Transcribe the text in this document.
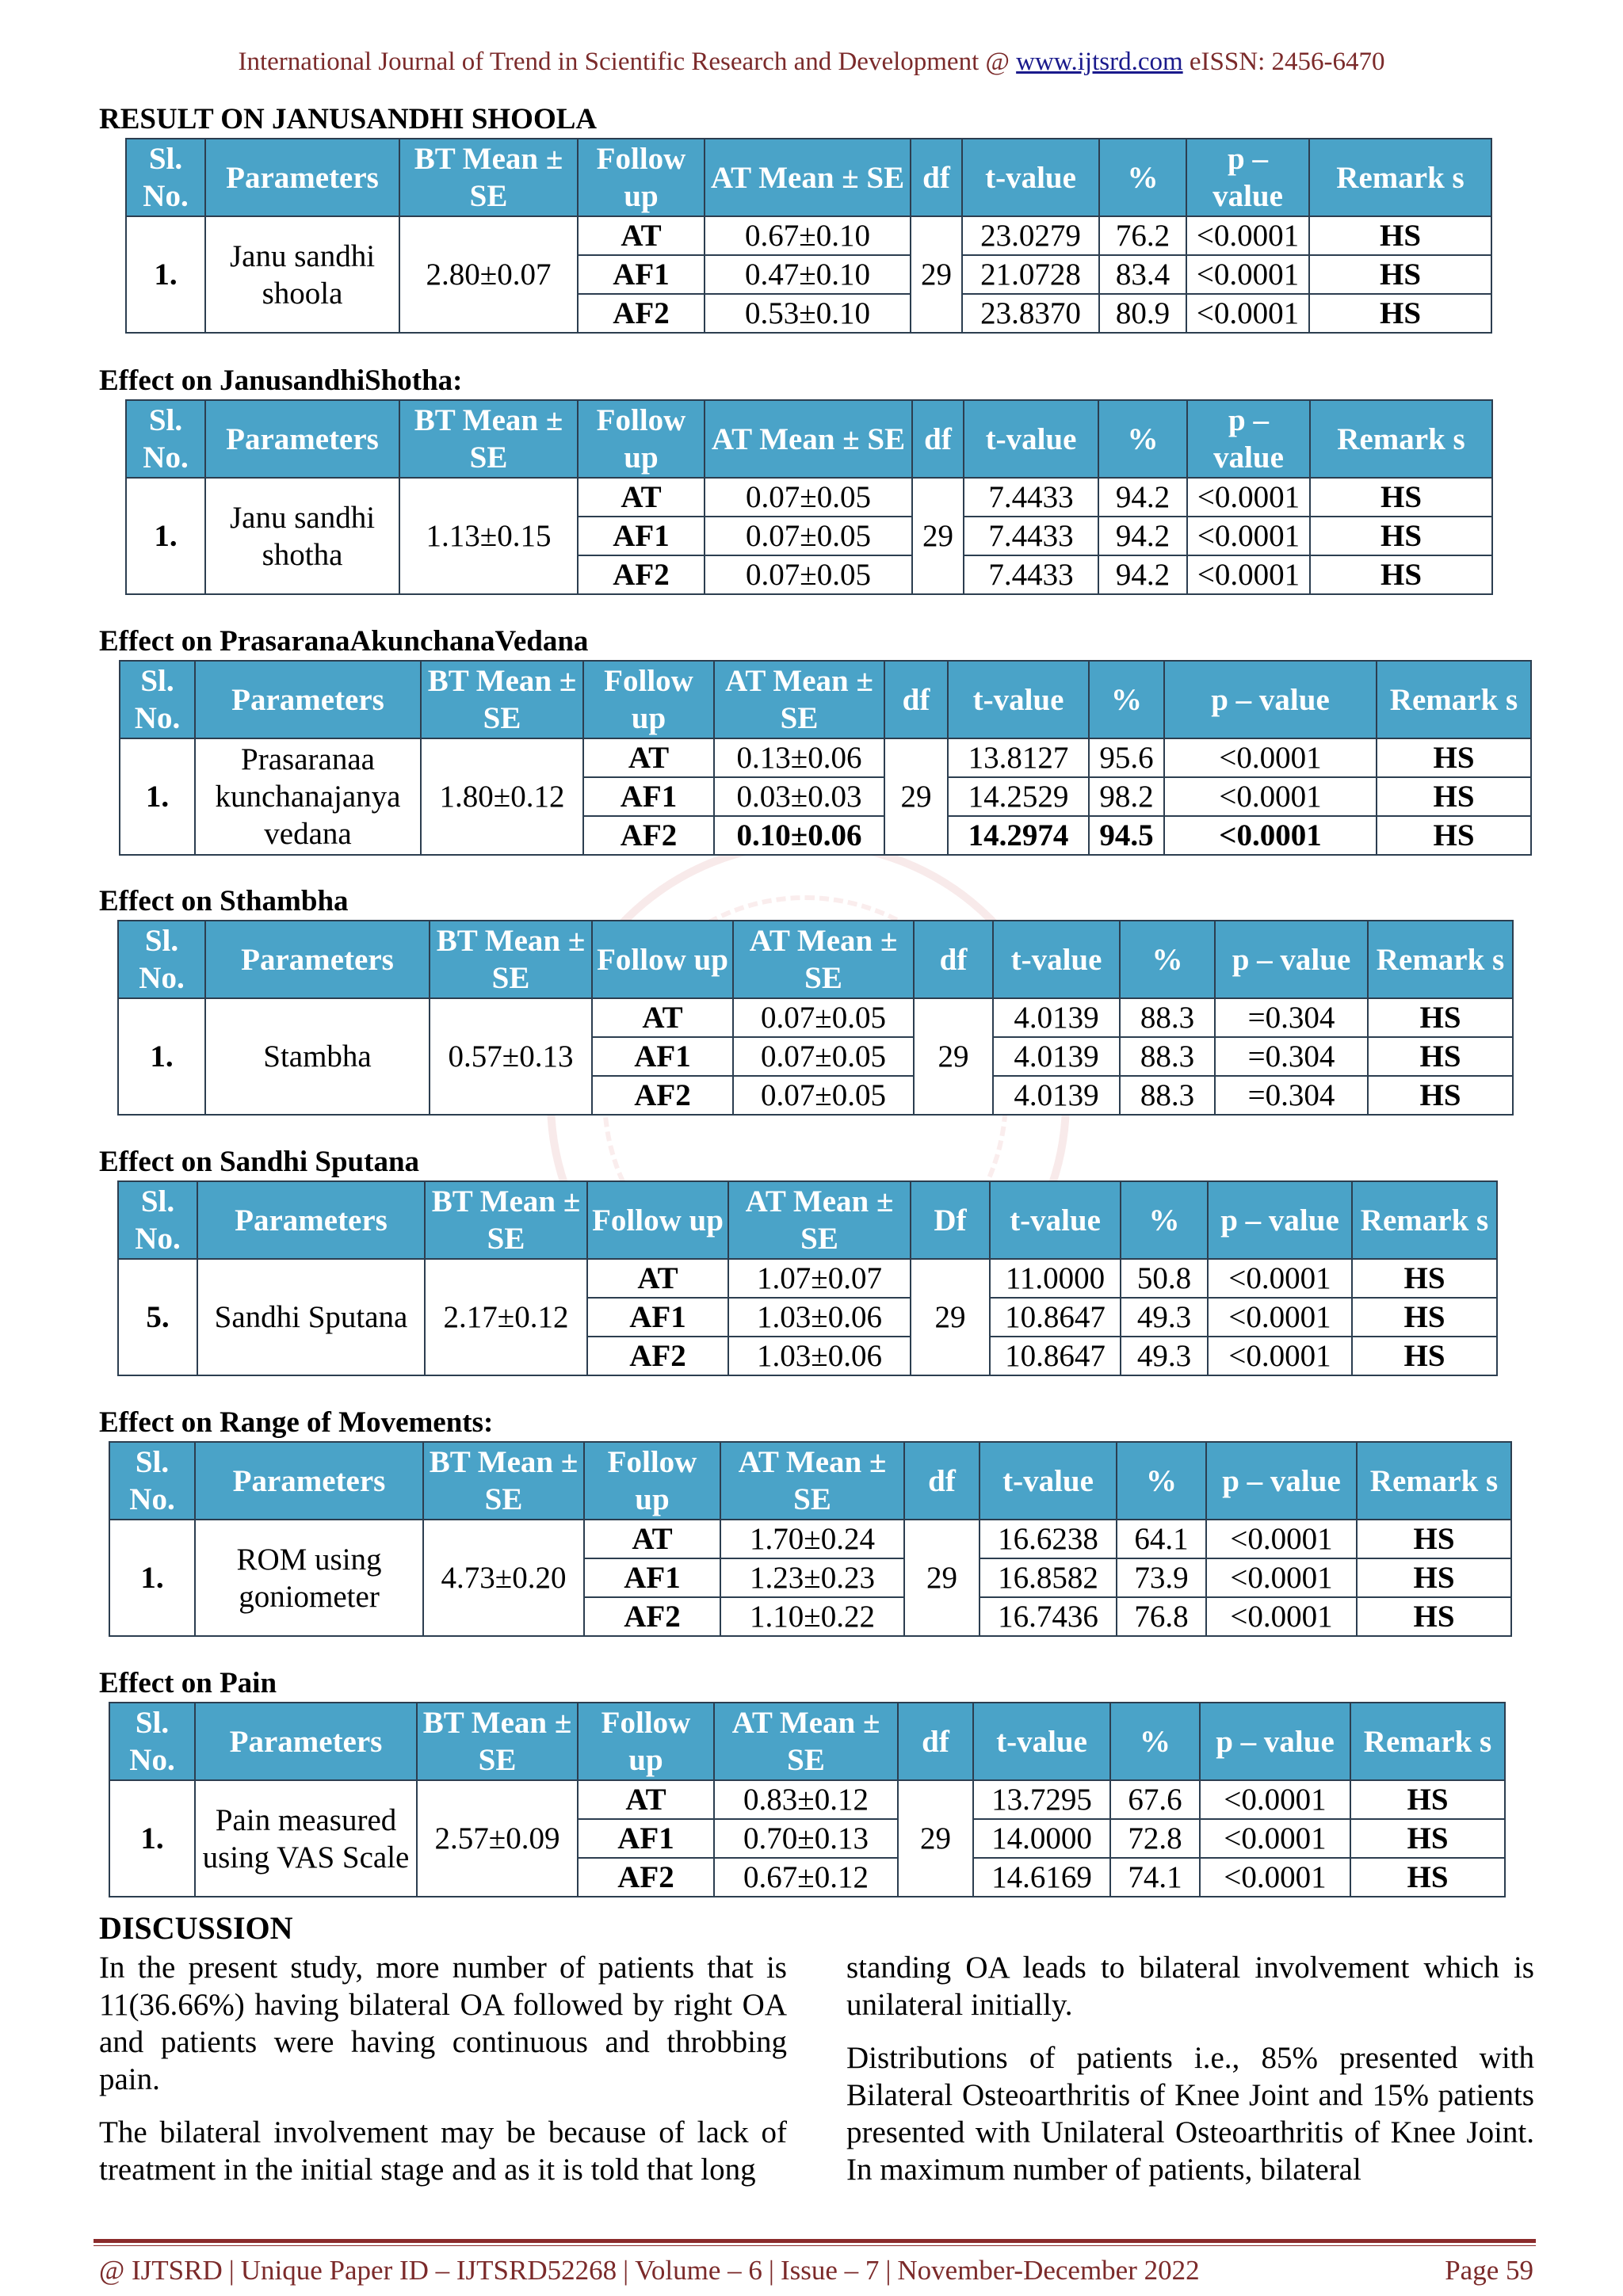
International Journal of Trend in Scientific Research and Development @ www.ijtsrd.com eISSN: 2456-6470
RESULT ON JANUSANDHI SHOOLA
Sl. No.	Parameters	BT Mean ± SE	Follow up	AT Mean ± SE	df	t-value	%	p – value	Remark s
1.	Janu sandhi shoola	2.80±0.07	AT	0.67±0.10	29	23.0279	76.2	<0.0001	HS
			AF1	0.47±0.10		21.0728	83.4	<0.0001	HS
			AF2	0.53±0.10		23.8370	80.9	<0.0001	HS
Effect on JanusandhiShotha:
Sl. No.	Parameters	BT Mean ± SE	Follow up	AT Mean ± SE	df	t-value	%	p – value	Remark s
1.	Janu sandhi shotha	1.13±0.15	AT	0.07±0.05	29	7.4433	94.2	<0.0001	HS
			AF1	0.07±0.05		7.4433	94.2	<0.0001	HS
			AF2	0.07±0.05		7.4433	94.2	<0.0001	HS
Effect on PrasaranaAkunchanaVedana
Sl. No.	Parameters	BT Mean ± SE	Follow up	AT Mean ± SE	df	t-value	%	p – value	Remark s
1.	Prasaranaa kunchanajanya vedana	1.80±0.12	AT	0.13±0.06	29	13.8127	95.6	<0.0001	HS
			AF1	0.03±0.03		14.2529	98.2	<0.0001	HS
			AF2	0.10±0.06		14.2974	94.5	<0.0001	HS
Effect on Sthambha
Sl. No.	Parameters	BT Mean ± SE	Follow up	AT Mean ± SE	df	t-value	%	p – value	Remark s
1.	Stambha	0.57±0.13	AT	0.07±0.05	29	4.0139	88.3	=0.304	HS
			AF1	0.07±0.05		4.0139	88.3	=0.304	HS
			AF2	0.07±0.05		4.0139	88.3	=0.304	HS
Effect on Sandhi Sputana
Sl. No.	Parameters	BT Mean ± SE	Follow up	AT Mean ± SE	Df	t-value	%	p – value	Remark s
5.	Sandhi Sputana	2.17±0.12	AT	1.07±0.07	29	11.0000	50.8	<0.0001	HS
			AF1	1.03±0.06		10.8647	49.3	<0.0001	HS
			AF2	1.03±0.06		10.8647	49.3	<0.0001	HS
Effect on Range of Movements:
Sl. No.	Parameters	BT Mean ± SE	Follow up	AT Mean ± SE	df	t-value	%	p – value	Remark s
1.	ROM using goniometer	4.73±0.20	AT	1.70±0.24	29	16.6238	64.1	<0.0001	HS
			AF1	1.23±0.23		16.8582	73.9	<0.0001	HS
			AF2	1.10±0.22		16.7436	76.8	<0.0001	HS
Effect on Pain
Sl. No.	Parameters	BT Mean ± SE	Follow up	AT Mean ± SE	df	t-value	%	p – value	Remark s
1.	Pain measured using VAS Scale	2.57±0.09	AT	0.83±0.12	29	13.7295	67.6	<0.0001	HS
			AF1	0.70±0.13		14.0000	72.8	<0.0001	HS
			AF2	0.67±0.12		14.6169	74.1	<0.0001	HS
DISCUSSION

In the present study, more number of patients that is 11(36.66%) having bilateral OA followed by right OA and patients were having continuous and throbbing pain.

The bilateral involvement may be because of lack of treatment in the initial stage and as it is told that long

standing OA leads to bilateral involvement which is unilateral initially.

Distributions of patients i.e., 85% presented with Bilateral Osteoarthritis of Knee Joint and 15% patients presented with Unilateral Osteoarthritis of Knee Joint. In maximum number of patients, bilateral

@ IJTSRD | Unique Paper ID – IJTSRD52268 | Volume – 6 | Issue – 7 | November-December 2022	Page 59
